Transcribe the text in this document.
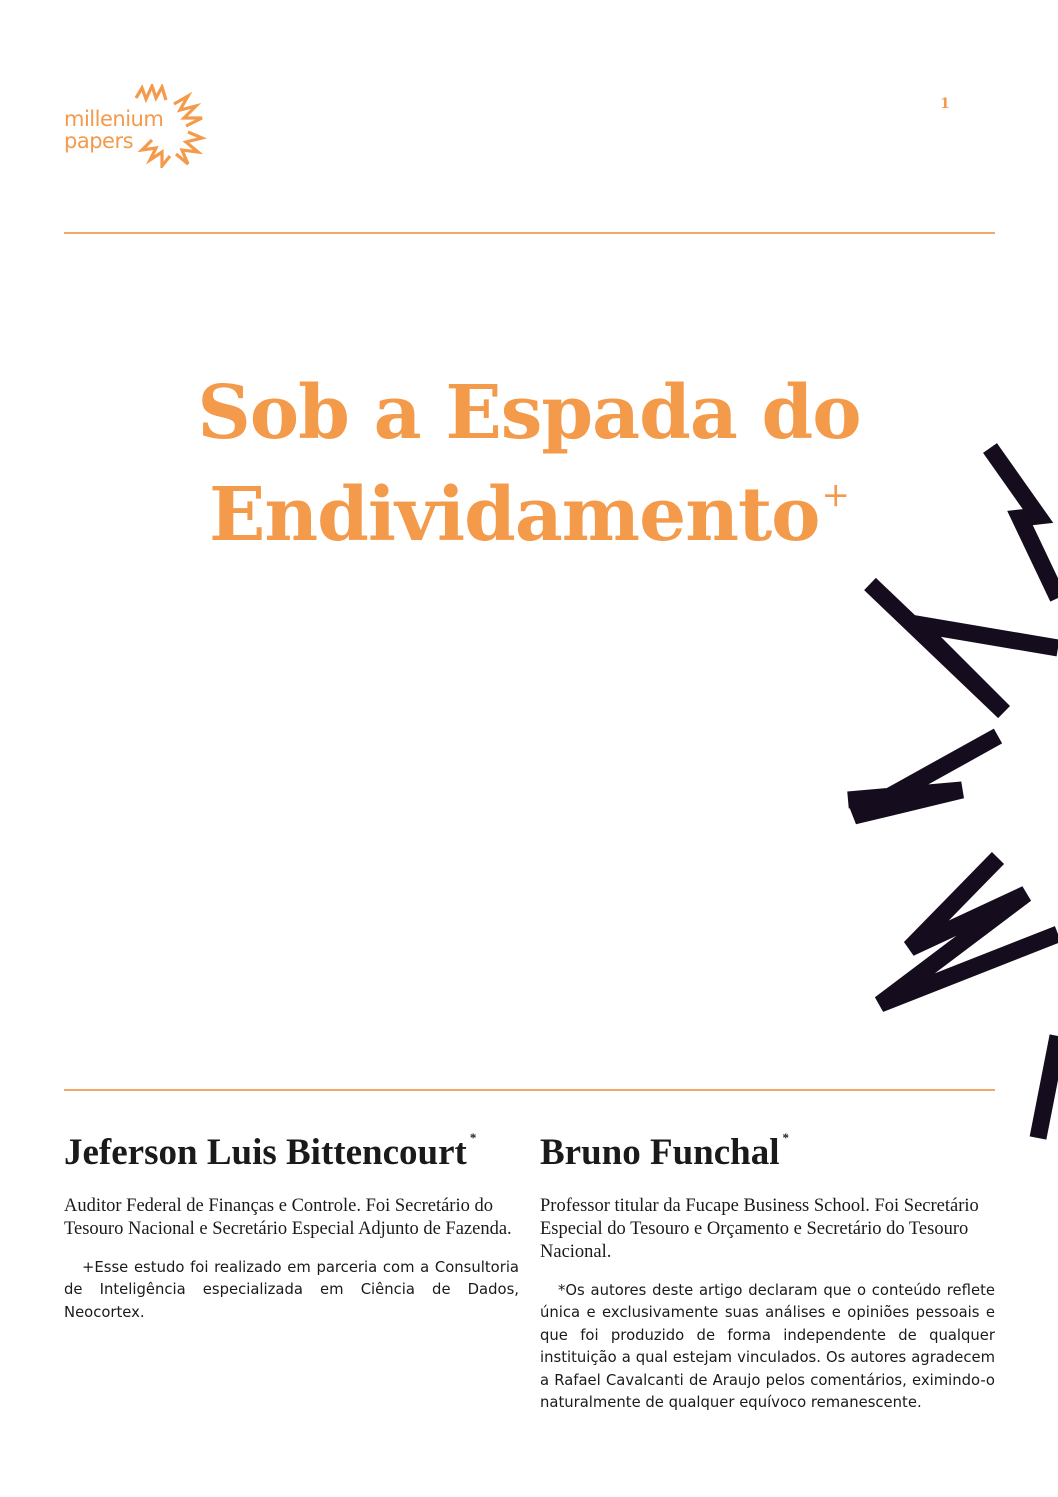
millenium
papers
1
Sob a Espada do
Endividamento+
Jeferson Luis Bittencourt *

Auditor Federal de Finanças e Controle. Foi Secretário do Tesouro Nacional e Secretário Especial Adjunto de Fazenda.

+Esse estudo foi realizado em parceria com a Consultoria de Inteligência especializada em Ciência de Dados, Neocortex.

Bruno Funchal *

Professor titular da Fucape Business School. Foi Secretário Especial do Tesouro e Orçamento e Secretário do Tesouro Nacional.

*Os autores deste artigo declaram que o conteúdo reflete única e exclusivamente suas análises e opiniões pessoais e que foi produzido de forma independente de qualquer instituição a qual estejam vinculados. Os autores agradecem a Rafael Cavalcanti de Araujo pelos comentários, eximindo-o naturalmente de qualquer equívoco remanescente.
